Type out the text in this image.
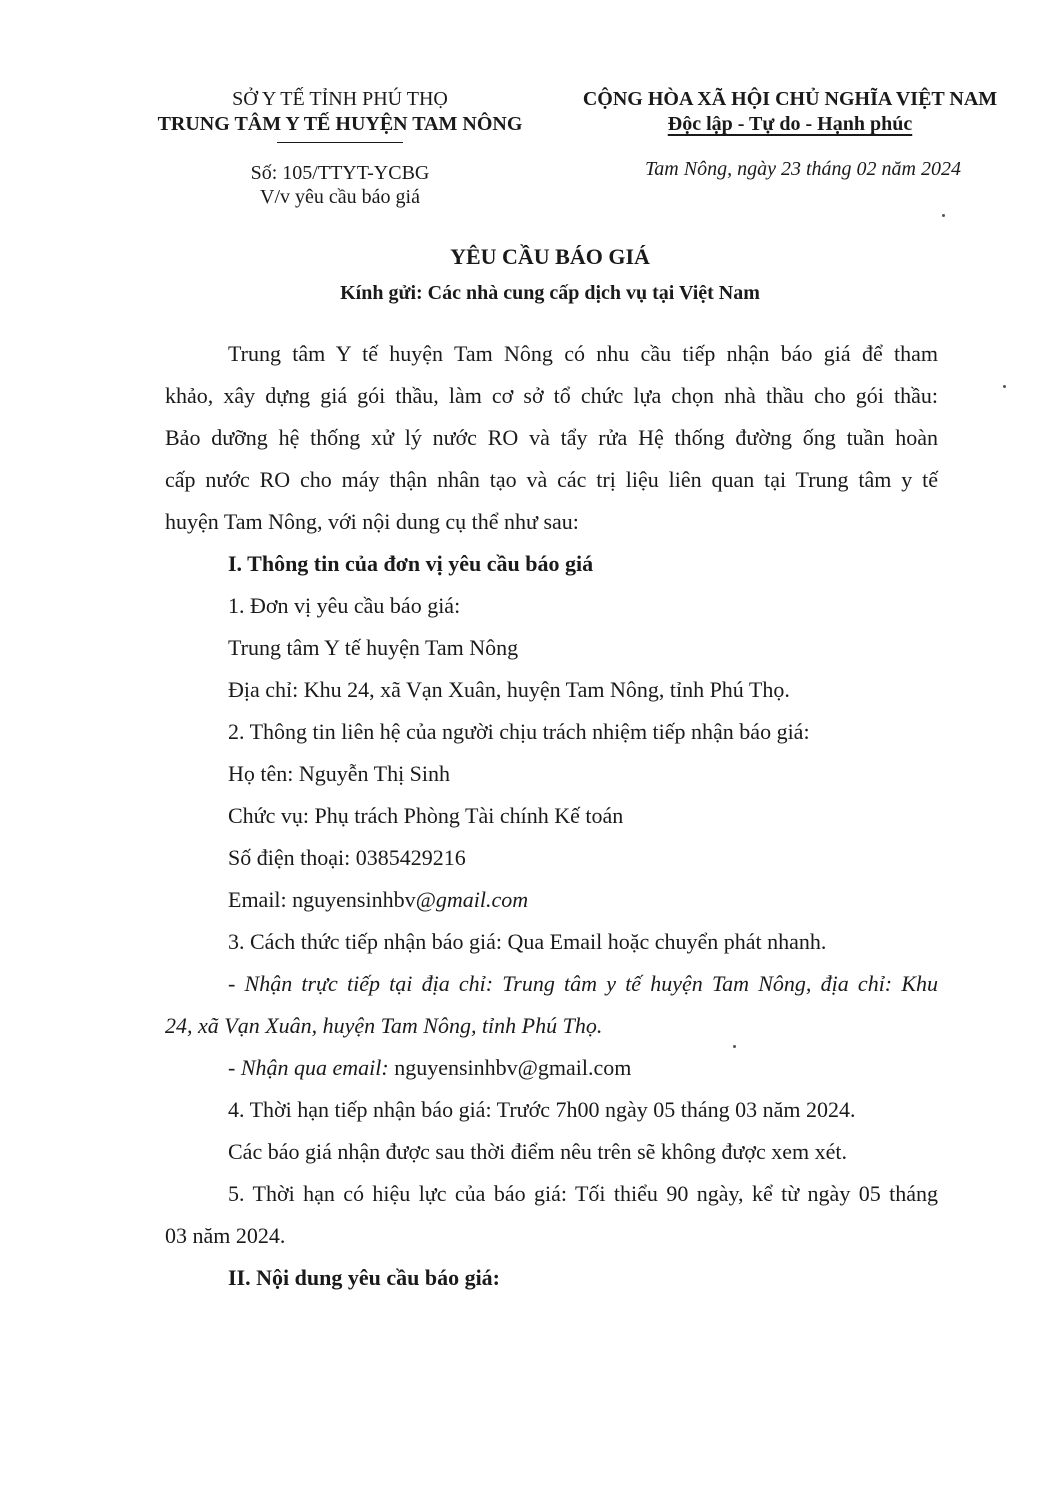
SỞ Y TẾ TỈNH PHÚ THỌ
TRUNG TÂM Y TẾ HUYỆN TAM NÔNG
Số: 105/TTYT-YCBG
V/v yêu cầu báo giá
CỘNG HÒA XÃ HỘI CHỦ NGHĨA VIỆT NAM
Độc lập - Tự do - Hạnh phúc
Tam Nông, ngày 23 tháng 02 năm 2024
YÊU CẦU BÁO GIÁ
Kính gửi: Các nhà cung cấp dịch vụ tại Việt Nam
Trung tâm Y tế huyện Tam Nông có nhu cầu tiếp nhận báo giá để tham
khảo, xây dựng giá gói thầu, làm cơ sở tổ chức lựa chọn nhà thầu cho gói thầu:
Bảo dưỡng hệ thống xử lý nước RO và tẩy rửa Hệ thống đường ống tuần hoàn
cấp nước RO cho máy thận nhân tạo và các trị liệu liên quan tại Trung tâm y tế
huyện Tam Nông, với nội dung cụ thể như sau:
I. Thông tin của đơn vị yêu cầu báo giá
1. Đơn vị yêu cầu báo giá:
Trung tâm Y tế huyện Tam Nông
Địa chỉ: Khu 24, xã Vạn Xuân, huyện Tam Nông, tỉnh Phú Thọ.
2. Thông tin liên hệ của người chịu trách nhiệm tiếp nhận báo giá:
Họ tên: Nguyễn Thị Sinh
Chức vụ: Phụ trách Phòng Tài chính Kế toán
Số điện thoại: 0385429216
Email: nguyensinhbv@gmail.com
3. Cách thức tiếp nhận báo giá: Qua Email hoặc chuyển phát nhanh.
- Nhận trực tiếp tại địa chỉ: Trung tâm y tế huyện Tam Nông, địa chỉ: Khu
24, xã Vạn Xuân, huyện Tam Nông, tỉnh Phú Thọ.
- Nhận qua email: nguyensinhbv@gmail.com
4. Thời hạn tiếp nhận báo giá: Trước 7h00 ngày 05 tháng 03 năm 2024.
Các báo giá nhận được sau thời điểm nêu trên sẽ không được xem xét.
5. Thời hạn có hiệu lực của báo giá: Tối thiểu 90 ngày, kể từ ngày 05 tháng
03 năm 2024.
II. Nội dung yêu cầu báo giá:
